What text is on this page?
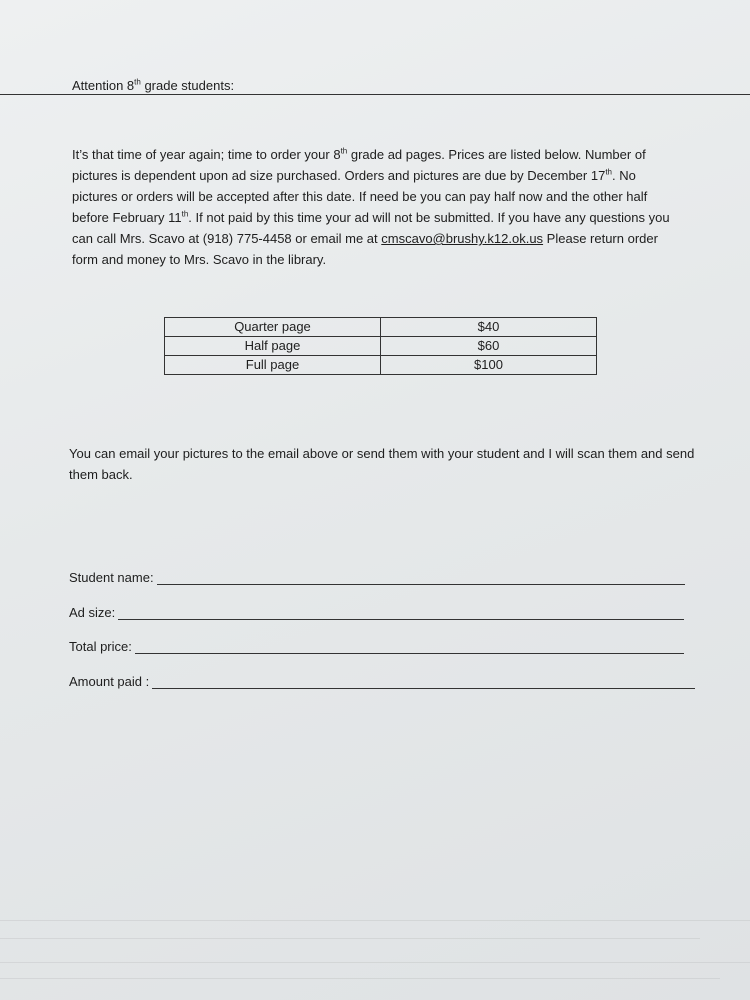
Attention 8th grade students:
It’s that time of year again; time to order your 8th grade ad pages. Prices are listed below. Number of pictures is dependent upon ad size purchased. Orders and pictures are due by December 17th. No pictures or orders will be accepted after this date. If need be you can pay half now and the other half before February 11th. If not paid by this time your ad will not be submitted. If you have any questions you can call Mrs. Scavo at (918) 775-4458 or email me at cmscavo@brushy.k12.ok.us Please return order form and money to Mrs. Scavo in the library.
Quarter page	$40
Half page	$60
Full page	$100
You can email your pictures to the email above or send them with your student and I will scan them and send them back.
Student name:
Ad size:
Total price:
Amount paid :
